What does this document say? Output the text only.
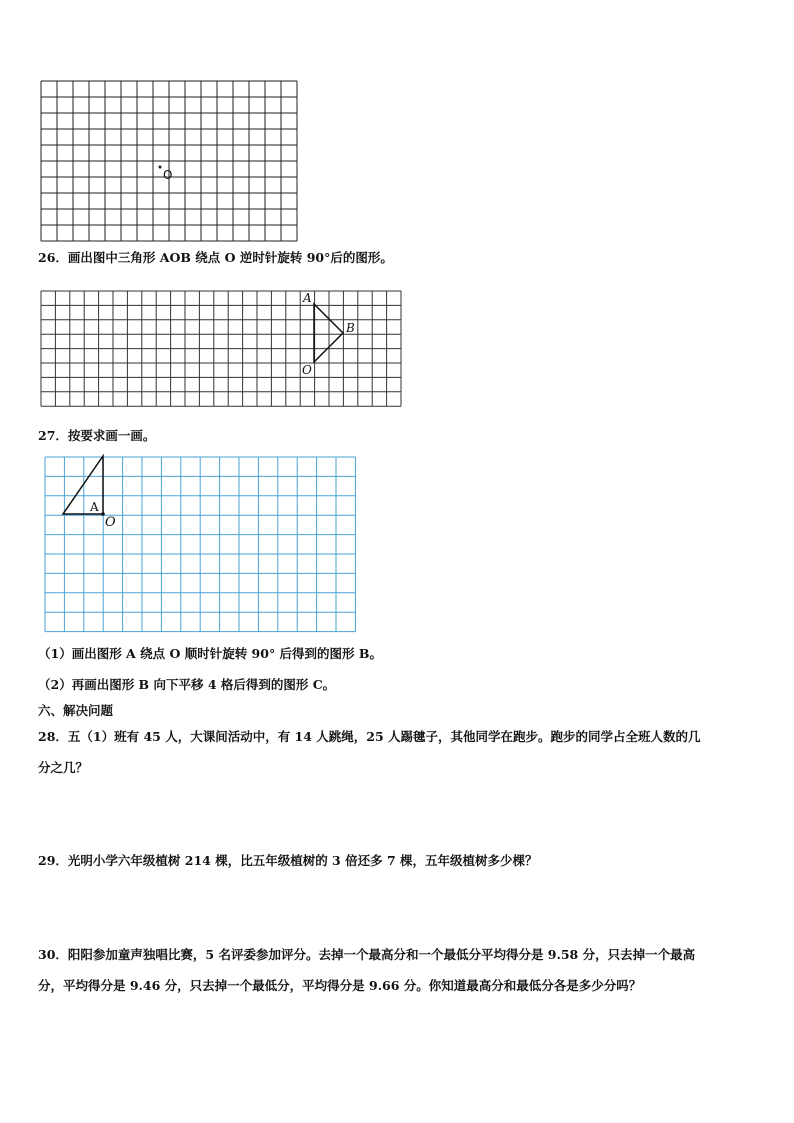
O
26．画出图中三角形 AOB 绕点 O 逆时针旋转 90°后的图形。
A
B
O
27．按要求画一画。
A
O
（1）画出图形 A 绕点 O 顺时针旋转 90° 后得到的图形 B。
（2）再画出图形 B 向下平移 4 格后得到的图形 C。
六、解决问题
28．五（1）班有 45 人，大课间活动中，有 14 人跳绳，25 人踢毽子，其他同学在跑步。跑步的同学占全班人数的几
分之几？
29．光明小学六年级植树 214 棵，比五年级植树的 3 倍还多 7 棵，五年级植树多少棵？
30．阳阳参加童声独唱比赛，5 名评委参加评分。去掉一个最高分和一个最低分平均得分是 9.58 分，只去掉一个最高
分，平均得分是 9.46 分，只去掉一个最低分，平均得分是 9.66 分。你知道最高分和最低分各是多少分吗？
